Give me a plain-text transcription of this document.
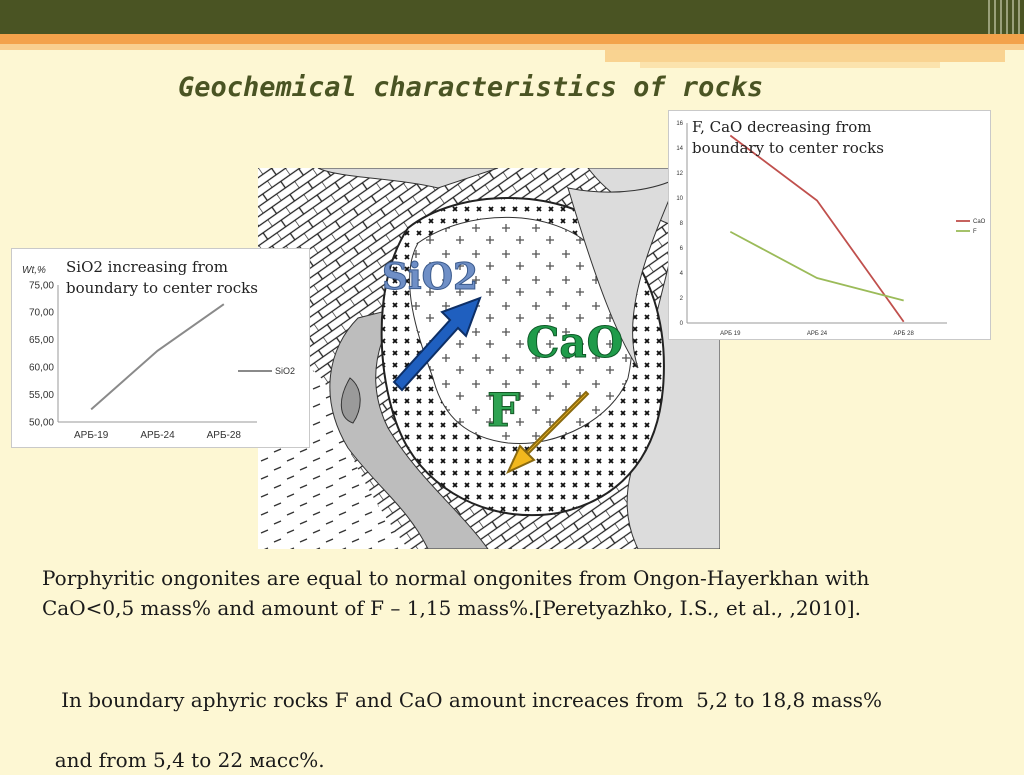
Geochemical characteristics of rocks
SiO2
CaO
F
50,00
55,00
60,00
65,00
70,00
75,00
АРБ-19	АРБ-24	АРБ-28
Wt,%
SiO2

SiO2 increasing from
boundary to center rocks

0
2
4
6
8
10
12
14
16
АРБ 19	АРБ 24	АРБ 28
CaO
F

F, CaO decreasing from
boundary to center rocks

Porphyritic ongonites are equal to normal ongonites from Ongon-Hayerkhan with
CaO<0,5 mass% and amount of F – 1,15 mass%.[Peretyazhko, I.S., et al., ,2010].

In boundary aphyric rocks F and CaO amount increaces from  5,2 to 18,8 mass%

and from 5,4 to 22 масс%.
